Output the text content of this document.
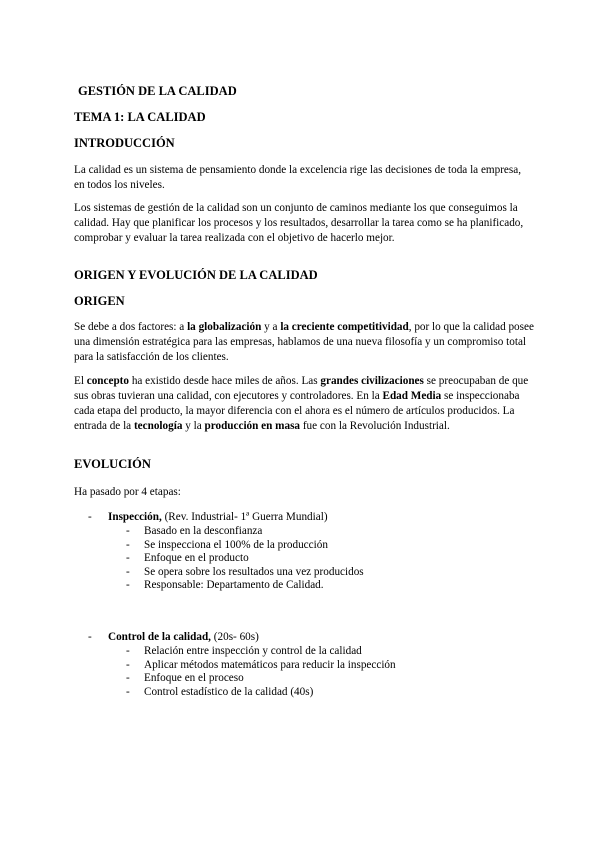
GESTIÓN DE LA CALIDAD

TEMA 1: LA CALIDAD

INTRODUCCIÓN

La calidad es un sistema de pensamiento donde la excelencia rige las decisiones de toda la empresa, en todos los niveles.

Los sistemas de gestión de la calidad son un conjunto de caminos mediante los que conseguimos la calidad. Hay que planificar los procesos y los resultados, desarrollar la tarea como se ha planificado, comprobar y evaluar la tarea realizada con el objetivo de hacerlo mejor.

ORIGEN Y EVOLUCIÓN DE LA CALIDAD

ORIGEN

Se debe a dos factores: a la globalización y a la creciente competitividad, por lo que la calidad posee una dimensión estratégica para las empresas, hablamos de una nueva filosofía y un compromiso total para la satisfacción de los clientes.

El concepto ha existido desde hace miles de años. Las grandes civilizaciones se preocupaban de que sus obras tuvieran una calidad, con ejecutores y controladores. En la Edad Media se inspeccionaba cada etapa del producto, la mayor diferencia con el ahora es el número de artículos producidos. La entrada de la tecnología y la producción en masa fue con la Revolución Industrial.

EVOLUCIÓN

Ha pasado por 4 etapas:

- Inspección, (Rev. Industrial- 1ª Guerra Mundial)
- Basado en la desconfianza
- Se inspecciona el 100% de la producción
- Enfoque en el producto
- Se opera sobre los resultados una vez producidos
- Responsable: Departamento de Calidad.
- Control de la calidad, (20s- 60s)
- Relación entre inspección y control de la calidad
- Aplicar métodos matemáticos para reducir la inspección
- Enfoque en el proceso
- Control estadístico de la calidad (40s)
